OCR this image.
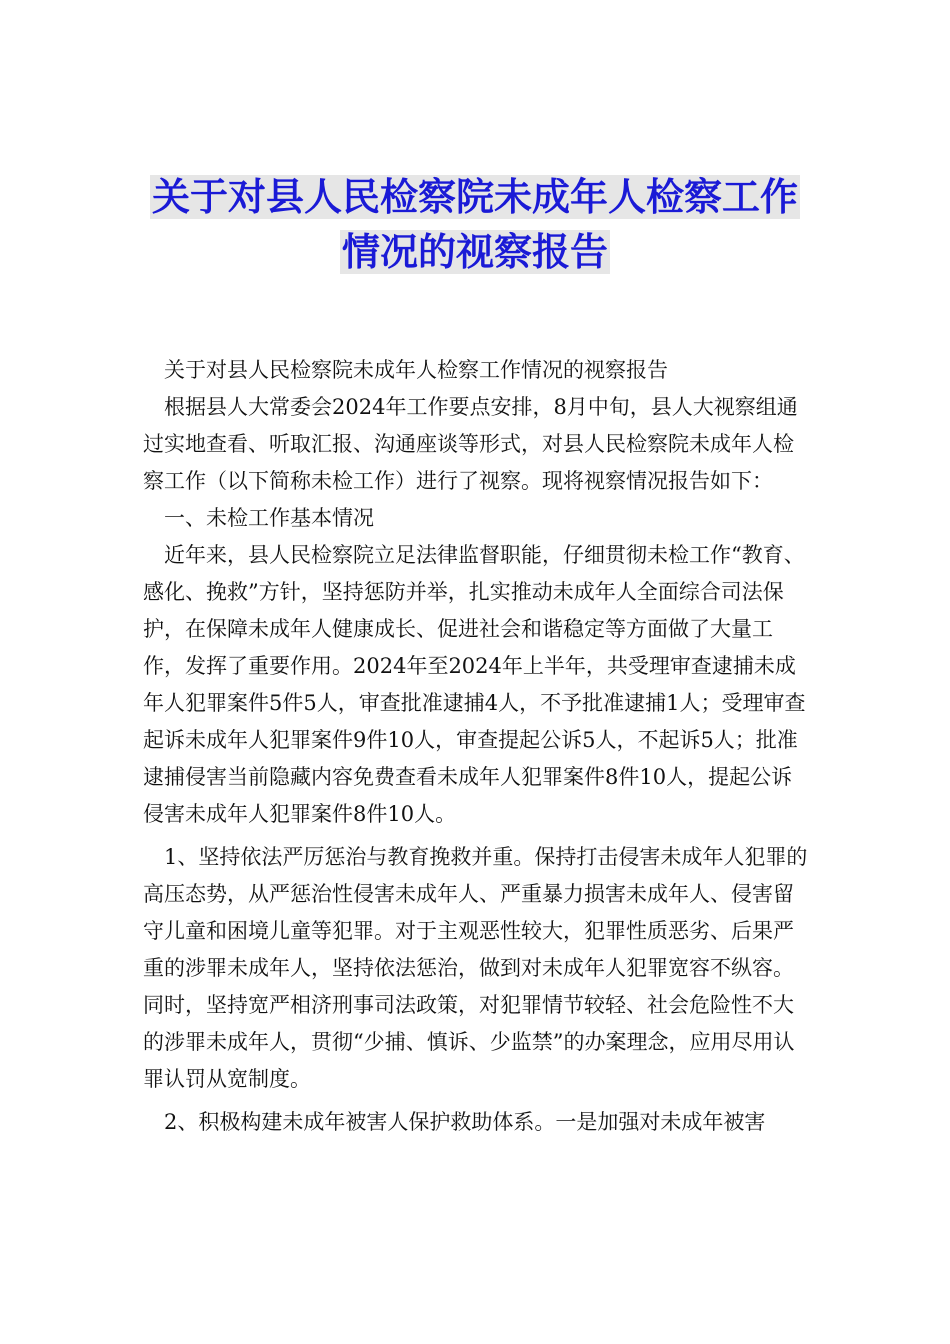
关于对县人民检察院未成年人检察工作
情况的视察报告

　关于对县人民检察院未成年人检察工作情况的视察报告

　根据县人大常委会2024年工作要点安排，8月中旬，县人大视察组通过实地查看、听取汇报、沟通座谈等形式，对县人民检察院未成年人检察工作（以下简称未检工作）进行了视察。现将视察情况报告如下：

　一、未检工作基本情况

　近年来，县人民检察院立足法律监督职能，仔细贯彻未检工作“教育、感化、挽救”方针，坚持惩防并举，扎实推动未成年人全面综合司法保护，在保障未成年人健康成长、促进社会和谐稳定等方面做了大量工作，发挥了重要作用。2024年至2024年上半年，共受理审查逮捕未成年人犯罪案件5件5人，审查批准逮捕4人，不予批准逮捕1人；受理审查起诉未成年人犯罪案件9件10人，审查提起公诉5人，不起诉5人；批准逮捕侵害当前隐藏内容免费查看未成年人犯罪案件8件10人，提起公诉侵害未成年人犯罪案件8件10人。

　1、坚持依法严厉惩治与教育挽救并重。保持打击侵害未成年人犯罪的高压态势，从严惩治性侵害未成年人、严重暴力损害未成年人、侵害留守儿童和困境儿童等犯罪。对于主观恶性较大，犯罪性质恶劣、后果严重的涉罪未成年人，坚持依法惩治，做到对未成年人犯罪宽容不纵容。同时，坚持宽严相济刑事司法政策，对犯罪情节较轻、社会危险性不大的涉罪未成年人，贯彻“少捕、慎诉、少监禁”的办案理念，应用尽用认罪认罚从宽制度。

　2、积极构建未成年被害人保护救助体系。一是加强对未成年被害
